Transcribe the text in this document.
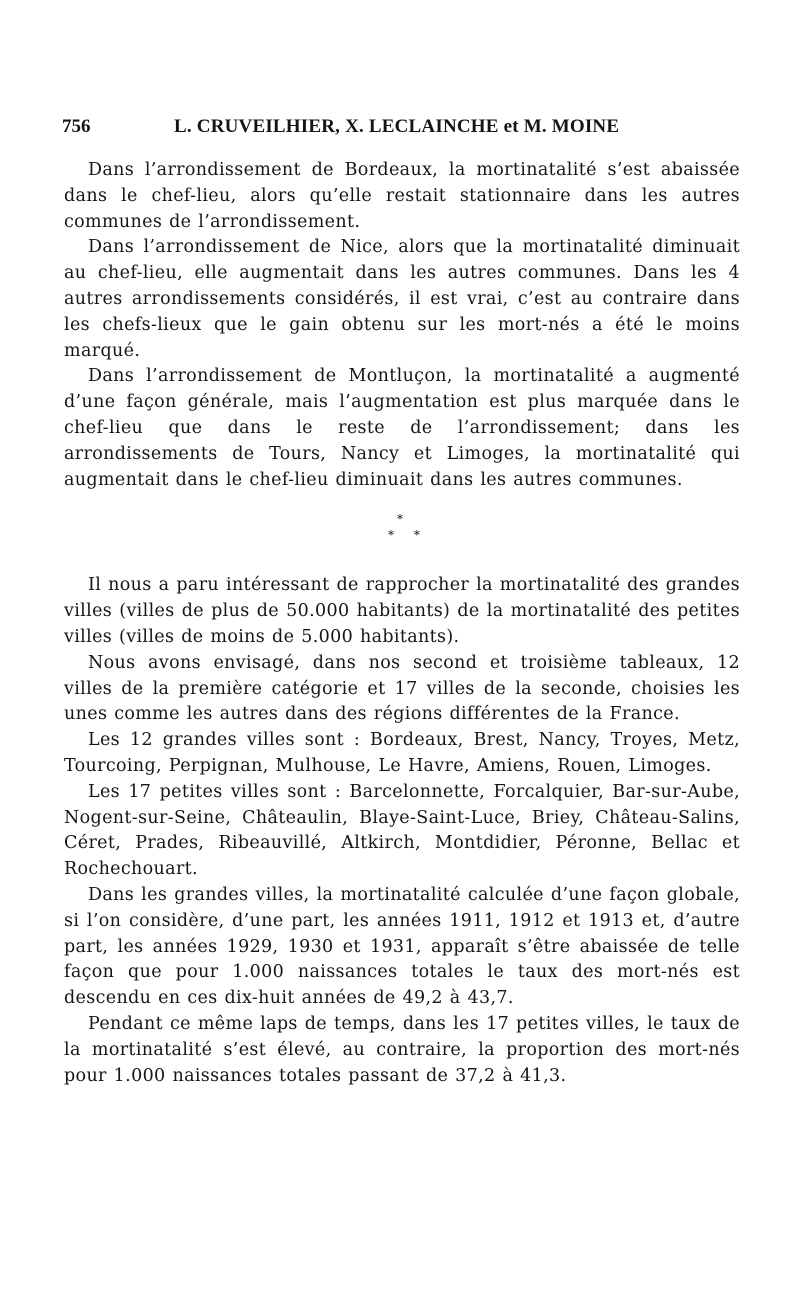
756	L. CRUVEILHIER, X. LECLAINCHE et M. MOINE

Dans l’arrondissement de Bordeaux, la mortinatalité s’est abaissée dans le chef-lieu, alors qu’elle restait stationnaire dans les autres communes de l’arrondissement.

Dans l’arrondissement de Nice, alors que la mortinatalité diminuait au chef-lieu, elle augmentait dans les autres communes. Dans les 4 autres arrondissements considérés, il est vrai, c’est au contraire dans les chefs-lieux que le gain obtenu sur les mort-nés a été le moins marqué.

Dans l’arrondissement de Montluçon, la mortinatalité a augmenté d’une façon générale, mais l’augmentation est plus marquée dans le chef-lieu que dans le reste de l’arrondissement; dans les arrondissements de Tours, Nancy et Limoges, la mortinatalité qui augmentait dans le chef-lieu diminuait dans les autres communes.

*
* *

Il nous a paru intéressant de rapprocher la mortinatalité des grandes villes (villes de plus de 50.000 habitants) de la mortinatalité des petites villes (villes de moins de 5.000 habitants).

Nous avons envisagé, dans nos second et troisième tableaux, 12 villes de la première catégorie et 17 villes de la seconde, choisies les unes comme les autres dans des régions différentes de la France.

Les 12 grandes villes sont : Bordeaux, Brest, Nancy, Troyes, Metz, Tourcoing, Perpignan, Mulhouse, Le Havre, Amiens, Rouen, Limoges.

Les 17 petites villes sont : Barcelonnette, Forcalquier, Bar-sur-Aube, Nogent-sur-Seine, Châteaulin, Blaye-Saint-Luce, Briey, Château-Salins, Céret, Prades, Ribeauvillé, Altkirch, Montdidier, Péronne, Bellac et Rochechouart.

Dans les grandes villes, la mortinatalité calculée d’une façon globale, si l’on considère, d’une part, les années 1911, 1912 et 1913 et, d’autre part, les années 1929, 1930 et 1931, apparaît s’être abaissée de telle façon que pour 1.000 naissances totales le taux des mort-nés est descendu en ces dix-huit années de 49,2 à 43,7.

Pendant ce même laps de temps, dans les 17 petites villes, le taux de la mortinatalité s’est élevé, au contraire, la proportion des mort-nés pour 1.000 naissances totales passant de 37,2 à 41,3.
